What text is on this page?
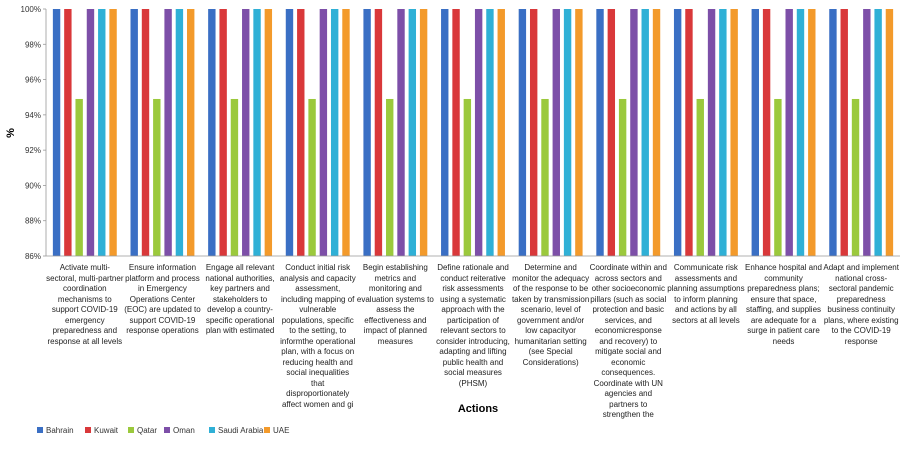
86%
88%
90%
92%
94%
96%
98%
100%
%
Actions
Bahrain	Kuwait Qatar Oman	Saudi Arabia UAE
Activate multi-sectoral, multi-partner coordination mechanisms to support COVID-19 emergency preparedness and response at all levels
Ensure information platform and process in Emergency Operations Center (EOC) are updated to support COVID-19 response operations
Engage all relevant national authorities, key partners and stakeholders to develop a country-specific operational plan with estimated
Conduct initial risk analysis and capacity assessment, including mapping of vulnerable populations, specific to the setting, to informthe operational plan, with a focus on reducing health and social inequalities that disproportionately affect women and gi
Begin establishing metrics and monitoring and evaluation systems to assess the effectiveness and impact of planned measures
Define rationale and conduct reiterative risk assessments using a systematic approach with the participation of relevant sectors to consider introducing, adapting and lifting public health and social measures (PHSM)
Determine and monitor the adequacy of the response to be taken by transmission scenario, level of government and/or low capacityor humanitarian setting (see Special Considerations)
Coordinate within and across sectors and other socioeconomic pillars (such as social protection and basic services, and economicresponse and recovery) to mitigate social and economic consequences. Coordinate with UN agencies and partners to strengthen the
Communicate risk assessments and planning assumptions to inform planning and actions by all sectors at all levels
Enhance hospital and community preparedness plans; ensure that space, staffing, and supplies are adequate for a surge in patient care needs
Adapt and implement national cross-sectoral pandemic preparedness business continuity plans, where existing to the COVID-19 response
